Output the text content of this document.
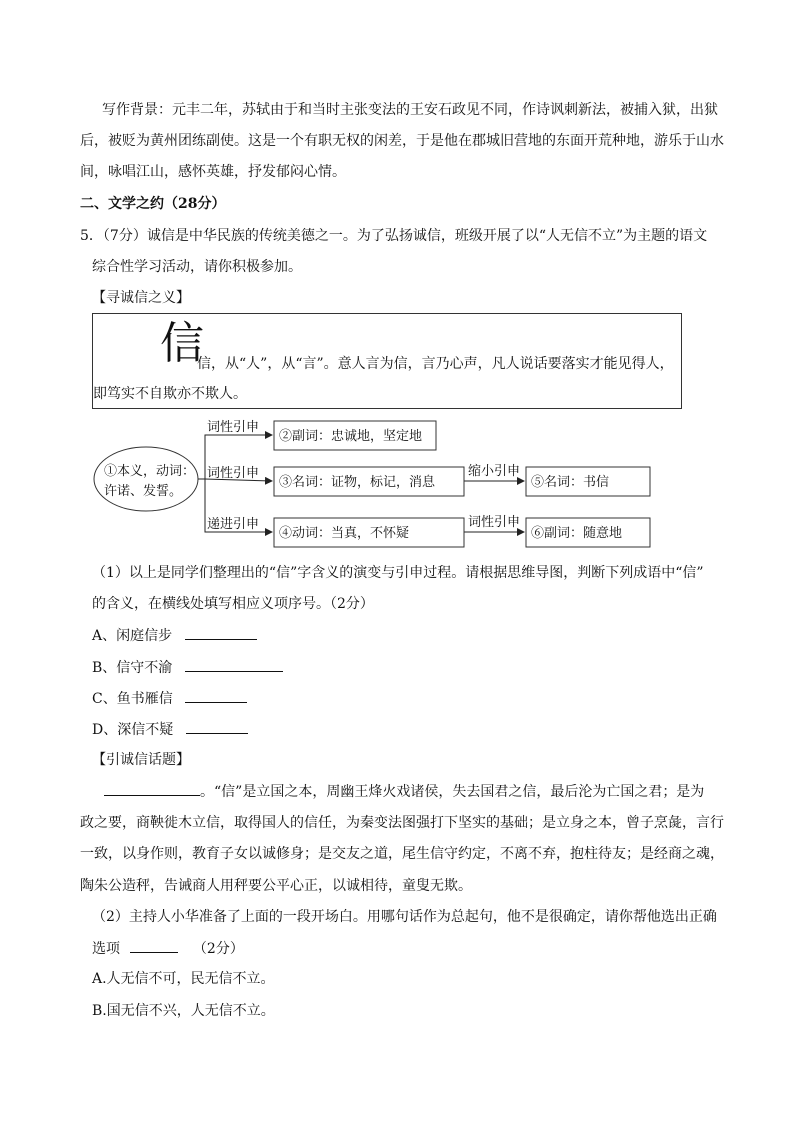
写作背景：元丰二年，苏轼由于和当时主张变法的王安石政见不同，作诗讽刺新法，被捕入狱，出狱
后，被贬为黄州团练副使。这是一个有职无权的闲差，于是他在郡城旧营地的东面开荒种地，游乐于山水
间，咏唱江山，感怀英雄，抒发郁闷心情。
二、文学之约（28分）
5．（7分）诚信是中华民族的传统美德之一。为了弘扬诚信，班级开展了以“人无信不立”为主题的语文
综合性学习活动，请你积极参加。
【寻诚信之义】
信
信，从“人”，从“言”。意人言为信，言乃心声，凡人说话要落实才能见得人，
即笃实不自欺亦不欺人。
①本义，动词：
许诺、发誓。
词性引申
词性引申
递进引申
缩小引申
词性引申
②副词：忠诚地，坚定地
③名词：证物，标记，消息
④动词：当真，不怀疑
⑤名词：书信
⑥副词：随意地
（1）以上是同学们整理出的“信”字含义的演变与引申过程。请根据思维导图，判断下列成语中“信”
的含义，在横线处填写相应义项序号。（2分）
A、闲庭信步
B、信守不渝
C、鱼书雁信
D、深信不疑
【引诚信话题】
。“信”是立国之本，周幽王烽火戏诸侯，失去国君之信，最后沦为亡国之君；是为
政之要，商鞅徙木立信，取得国人的信任，为秦变法图强打下坚实的基础；是立身之本，曾子烹彘，言行
一致，以身作则，教育子女以诚修身；是交友之道，尾生信守约定，不离不弃，抱柱待友；是经商之魂，
陶朱公造秤，告诫商人用秤要公平心正，以诚相待，童叟无欺。
（2）主持人小华准备了上面的一段开场白。用哪句话作为总起句，他不是很确定，请你帮他选出正确
选项	（2分）
A.人无信不可，民无信不立。
B.国无信不兴，人无信不立。
